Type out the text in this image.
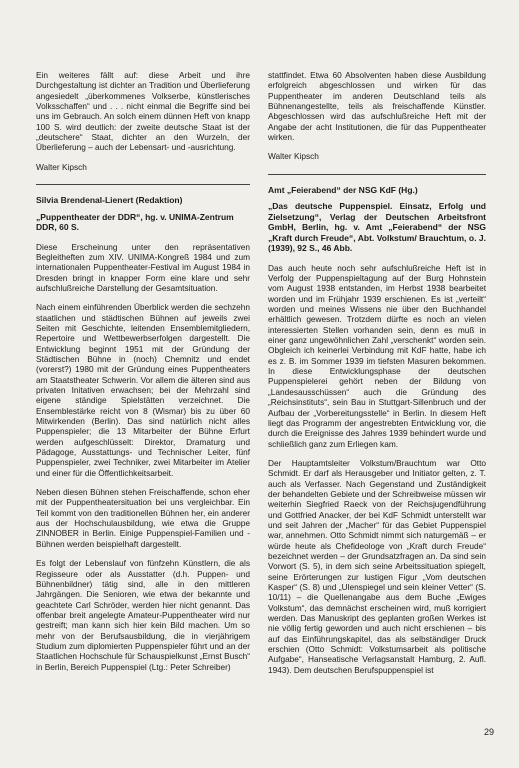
Ein weiteres fällt auf: diese Arbeit und ihre Durchgestaltung ist dichter an Tradition und Überlieferung angesiedelt „überkommenes Volkserbe, künstlerisches Volksschaffen“ und . . . nicht einmal die Begriffe sind bei uns im Gebrauch. An solch einem dünnen Heft von knapp 100 S. wird deutlich: der zweite deutsche Staat ist der „deutschere“ Staat, dichter an den Wurzeln, der Überlieferung – auch der Lebensart- und -ausrichtung.

Walter Kipsch
Silvia Brendenal-Lienert (Redaktion)
„Puppentheater der DDR“, hg. v. UNIMA-Zentrum DDR, 60 S.

Diese Erscheinung unter den repräsentativen Begleitheften zum XIV. UNIMA-Kongreß 1984 und zum internationalen Puppentheater-Festival im August 1984 in Dresden bringt in knapper Form eine klare und sehr aufschlußreiche Darstellung der Gesamtsituation.

Nach einem einführenden Überblick werden die sechzehn staatlichen und städtischen Bühnen auf jeweils zwei Seiten mit Geschichte, leitenden Ensemblemitgliedern, Repertoire und Wettbewerbserfolgen dargestellt. Die Entwicklung beginnt 1951 mit der Gründung der Städtischen Bühne in (noch) Chemnitz und endet (vorerst?) 1980 mit der Gründung eines Puppentheaters am Staatstheater Schwerin. Vor allem die älteren sind aus privaten Initativen erwachsen; bei der Mehrzahl sind eigene ständige Spielstätten verzeichnet. Die Ensemblestärke reicht von 8 (Wismar) bis zu über 60 Mitwirkenden (Berlin). Das sind natürlich nicht alles Puppenspieler; die 13 Mitarbeiter der Bühne Erfurt werden aufgeschlüsselt: Direktor, Dramaturg und Pädagoge, Ausstattungs- und Technischer Leiter, fünf Puppenspieler, zwei Techniker, zwei Mitarbeiter im Atelier und einer für die Öffentlichkeitsarbeit.

Neben diesen Bühnen stehen Freischaffende, schon eher mit der Puppentheatersituation bei uns vergleichbar. Ein Teil kommt von den traditionellen Bühnen her, ein anderer aus der Hochschulausbildung, wie etwa die Gruppe ZINNOBER in Berlin. Einige Puppenspiel-Familien und -Bühnen werden beispielhaft dargestellt.

Es folgt der Lebenslauf von fünfzehn Künstlern, die als Regisseure oder als Ausstatter (d.h. Puppen- und Bühnenbildner) tätig sind, alle in den mittleren Jahrgängen. Die Senioren, wie etwa der bekannte und geachtete Carl Schröder, werden hier nicht genannt. Das offenbar breit angelegte Amateur-Puppentheater wird nur gestreift; man kann sich hier kein Bild machen. Um so mehr von der Berufsausbildung, die in vierjährigem Studium zum diplomierten Puppenspieler führt und an der Staatlichen Hochschule für Schauspielkunst „Ernst Busch“ in Berlin, Bereich Puppenspiel (Ltg.: Peter Schreiber)

stattfindet. Etwa 60 Absolventen haben diese Ausbildung erfolgreich abgeschlossen und wirken für das Puppentheater im anderen Deutschland teils als Bühnenangestellte, teils als freischaffende Künstler. Abgeschlossen wird das aufschlußreiche Heft mit der Angabe der acht Institutionen, die für das Puppentheater wirken.

Walter Kipsch
Amt „Feierabend“ der NSG KdF (Hg.)
„Das deutsche Puppenspiel. Einsatz, Erfolg und Zielsetzung“, Verlag der Deutschen Arbeitsfront GmbH, Berlin, hg. v. Amt „Feierabend“ der NSG „Kraft durch Freude“, Abt. Volkstum/ Brauchtum, o. J. (1939), 92 S., 46 Abb.

Das auch heute noch sehr aufschlußreiche Heft ist in Verfolg der Puppenspieltagung auf der Burg Hohnstein vom August 1938 entstanden, im Herbst 1938 bearbeitet worden und im Frühjahr 1939 erschienen. Es ist „verteilt“ worden und meines Wissens nie über den Buchhandel erhältlich gewesen. Trotzdem dürfte es noch an vielen interessierten Stellen vorhanden sein, denn es muß in einer ganz ungewöhnlichen Zahl „verschenkt“ worden sein. Obgleich ich keinerlei Verbindung mit KdF hatte, habe ich es z. B. im Sommer 1939 im tiefsten Masuren bekommen. In diese Entwicklungsphase der deutschen Puppenspielerei gehört neben der Bildung von „Landesausschüssen“ auch die Gründung des „Reichsinstituts“, sein Bau in Stuttgart-Sillenbruch und der Aufbau der „Vorbereitungsstelle“ in Berlin. In diesem Heft liegt das Programm der angestrebten Entwicklung vor, die durch die Ereignisse des Jahres 1939 behindert wurde und schließlich ganz zum Erliegen kam.

Der Hauptamtsleiter Volkstum/Brauchtum war Otto Schmidt. Er darf als Herausgeber und Initiator gelten, z. T. auch als Verfasser. Nach Gegenstand und Zuständigkeit der behandelten Gebiete und der Schreibweise müssen wir weiterhin Siegfried Raeck von der Reichsjugendführung und Gottfried Anacker, der bei KdF Schmidt unterstellt war und seit Jahren der „Macher“ für das Gebiet Puppenspiel war, annehmen. Otto Schmidt nimmt sich naturgemäß – er würde heute als Chefideologe von „Kraft durch Freude“ bezeichnet werden – der Grundsatzfragen an. Da sind sein Vorwort (S. 5), in dem sich seine Arbeitssituation spiegelt, seine Erörterungen zur lustigen Figur „Vom deutschen Kasper“ (S. 8) und „Ulenspiegel und sein kleiner Vetter“ (S. 10/11) – die Quellenangabe aus dem Buche „Ewiges Volkstum“, das demnächst erscheinen wird, muß korrigiert werden. Das Manuskript des geplanten großen Werkes ist nie völlig fertig geworden und auch nicht erschienen – bis auf das Einführungskapitel, das als selbständiger Druck erschien (Otto Schmidt: Volkstumsarbeit als politische Aufgabe“, Hanseatische Verlagsanstalt Hamburg, 2. Aufl. 1943). Dem deutschen Berufspuppenspiel ist

29
